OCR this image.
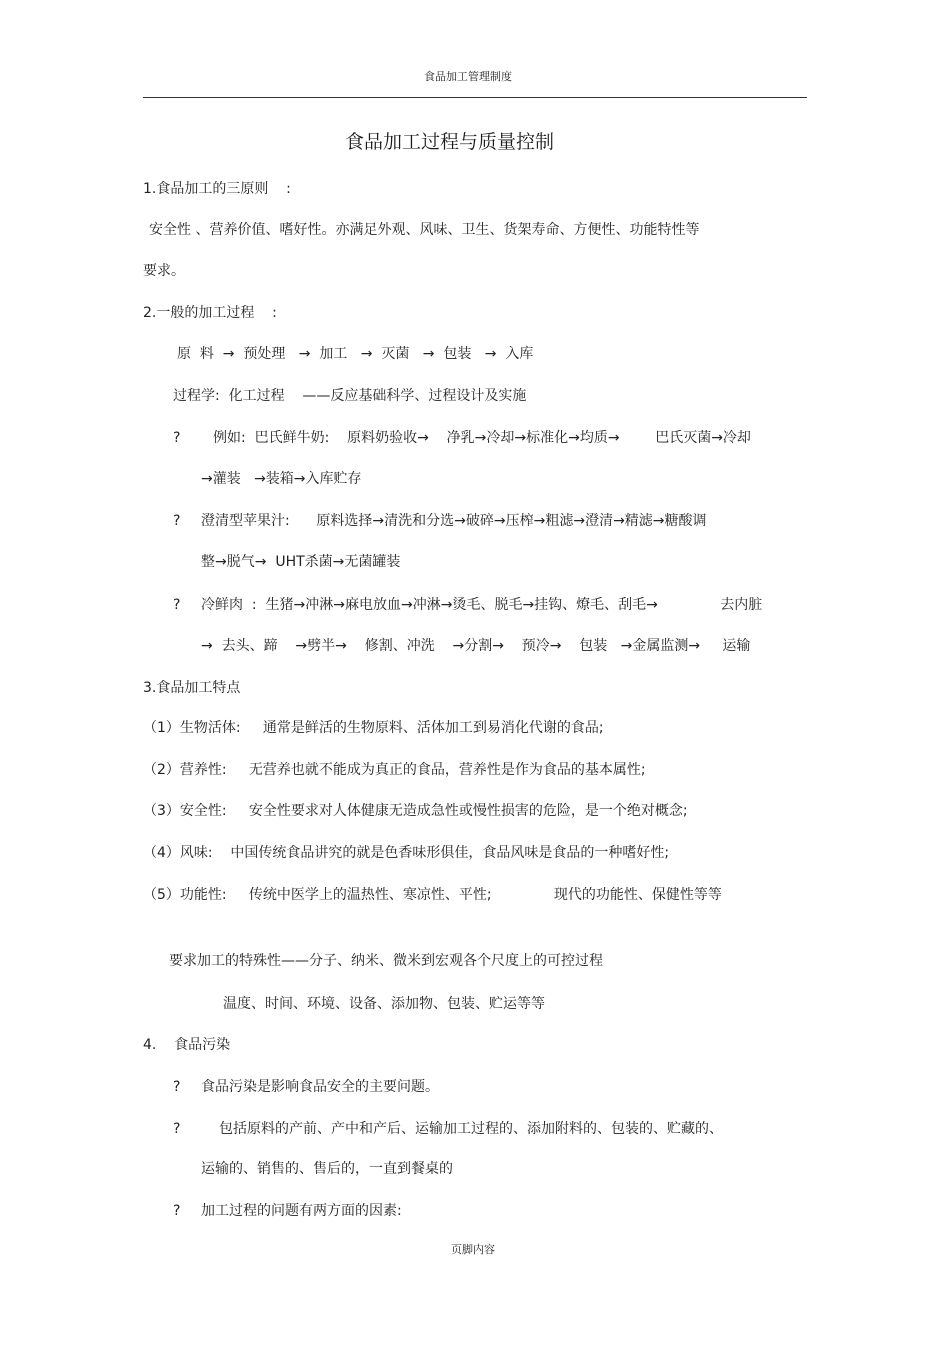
食品加工管理制度
食品加工过程与质量控制
1.食品加工的三原则    :
安全性 、营养价值、嗜好性。亦满足外观、风味、卫生、货架寿命、方便性、功能特性等
要求。
2.一般的加工过程    :
原  料  →  预处理   →  加工   →  灭菌   →  包装   →  入库
过程学:  化工过程    ——反应基础科学、过程设计及实施
? 例如:  巴氏鲜牛奶:    原料奶验收→    净乳→冷却→标准化→均质→        巴氏灭菌→冷却
→灌装   →装箱→入库贮存
? 澄清型苹果汁:      原料选择→清洗和分选→破碎→压榨→粗滤→澄清→精滤→糖酸调
整→脱气→  UHT杀菌→无菌罐装
? 冷鲜肉  :  生猪→冲淋→麻电放血→冲淋→烫毛、脱毛→挂钩、燎毛、刮毛→              去内脏
→  去头、蹄    →劈半→    修割、冲洗    →分割→    预冷→    包装   →金属监测→     运输
3.食品加工特点
（1）生物活体:     通常是鲜活的生物原料、活体加工到易消化代谢的食品;
（2）营养性:     无营养也就不能成为真正的食品，营养性是作为食品的基本属性;
（3）安全性:     安全性要求对人体健康无造成急性或慢性损害的危险，是一个绝对概念;
（4）风味:    中国传统食品讲究的就是色香味形俱佳，食品风味是食品的一种嗜好性;
（5）功能性:     传统中医学上的温热性、寒凉性、平性;              现代的功能性、保健性等等
要求加工的特殊性——分子、纳米、微米到宏观各个尺度上的可控过程
温度、时间、环境、设备、添加物、包装、贮运等等
4.    食品污染
? 食品污染是影响食品安全的主要问题。
?	包括原料的产前、产中和产后、运输加工过程的、添加附料的、包装的、贮藏的、
运输的、销售的、售后的，一直到餐桌的
? 加工过程的问题有两方面的因素:
页脚内容
